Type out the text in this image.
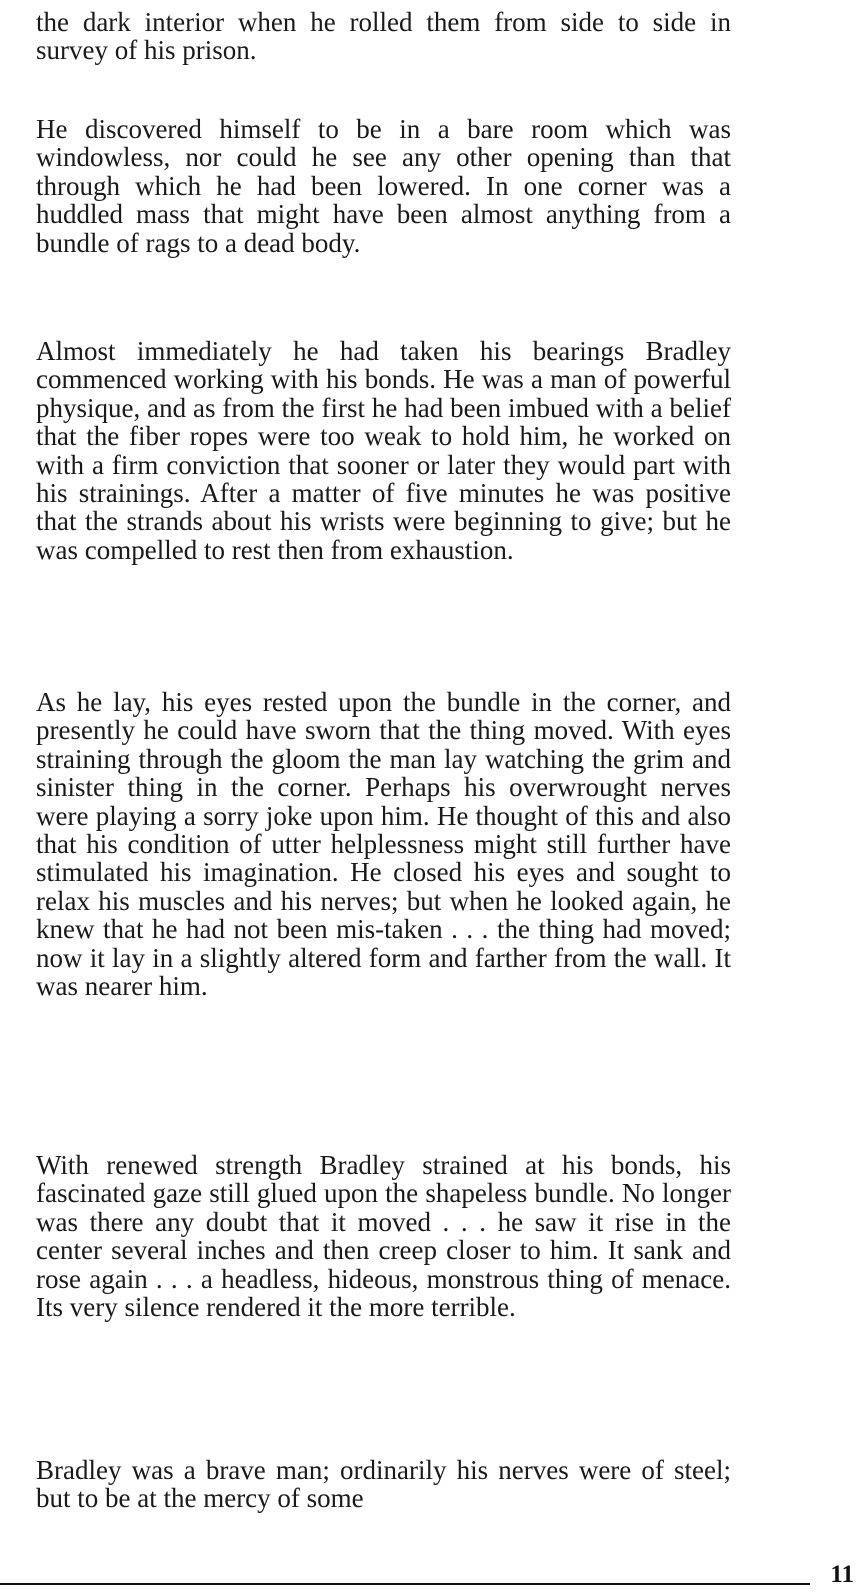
the dark interior when he rolled them from side to side in survey of his prison.

He discovered himself to be in a bare room which was windowless, nor could he see any other opening than that through which he had been lowered. In one corner was a huddled mass that might have been almost anything from a bundle of rags to a dead body.

Almost immediately he had taken his bearings Bradley commenced working with his bonds. He was a man of powerful physique, and as from the first he had been imbued with a belief that the fiber ropes were too weak to hold him, he worked on with a firm conviction that sooner or later they would part with his strainings. After a matter of five minutes he was positive that the strands about his wrists were beginning to give; but he was compelled to rest then from exhaustion.

As he lay, his eyes rested upon the bundle in the corner, and presently he could have sworn that the thing moved. With eyes straining through the gloom the man lay watching the grim and sinister thing in the corner. Perhaps his overwrought nerves were playing a sorry joke upon him. He thought of this and also that his condition of utter helplessness might still further have stimulated his imagination. He closed his eyes and sought to relax his muscles and his nerves; but when he looked again, he knew that he had not been mis-taken . . . the thing had moved; now it lay in a slightly altered form and farther from the wall. It was nearer him.

With renewed strength Bradley strained at his bonds, his fascinated gaze still glued upon the shapeless bundle. No longer was there any doubt that it moved . . . he saw it rise in the center several inches and then creep closer to him. It sank and rose again . . . a headless, hideous, monstrous thing of menace. Its very silence rendered it the more terrible.

Bradley was a brave man; ordinarily his nerves were of steel; but to be at the mercy of some

11
